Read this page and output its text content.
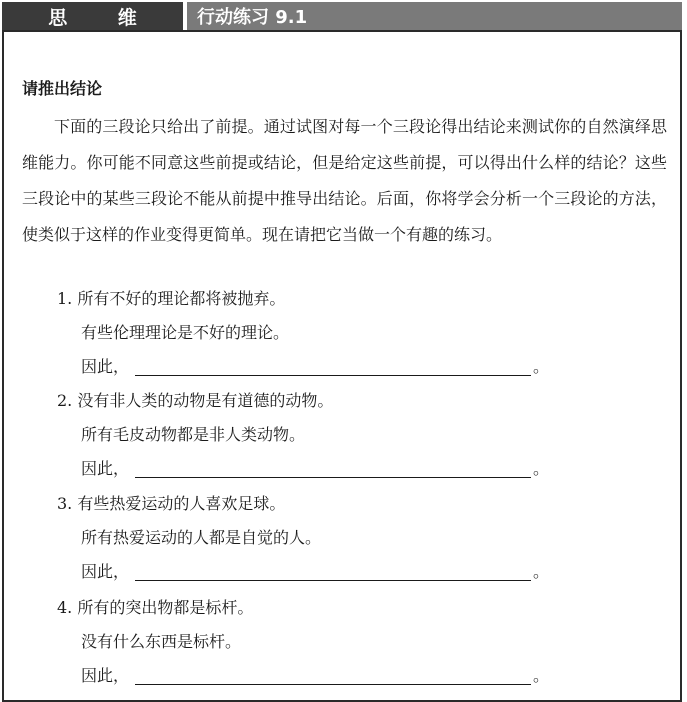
思 维	行动练习 9.1
请推出结论

下面的三段论只给出了前提。通过试图对每一个三段论得出结论来测试你的自然演绎思维能力。你可能不同意这些前提或结论，但是给定这些前提，可以得出什么样的结论？这些三段论中的某些三段论不能从前提中推导出结论。后面，你将学会分析一个三段论的方法，使类似于这样的作业变得更简单。现在请把它当做一个有趣的练习。

1. 所有不好的理论都将被抛弃。
有些伦理理论是不好的理论。
因此，	。
2. 没有非人类的动物是有道德的动物。
所有毛皮动物都是非人类动物。
因此，	。
3. 有些热爱运动的人喜欢足球。
所有热爱运动的人都是自觉的人。
因此，	。
4. 所有的突出物都是标杆。
没有什么东西是标杆。
因此，	。
